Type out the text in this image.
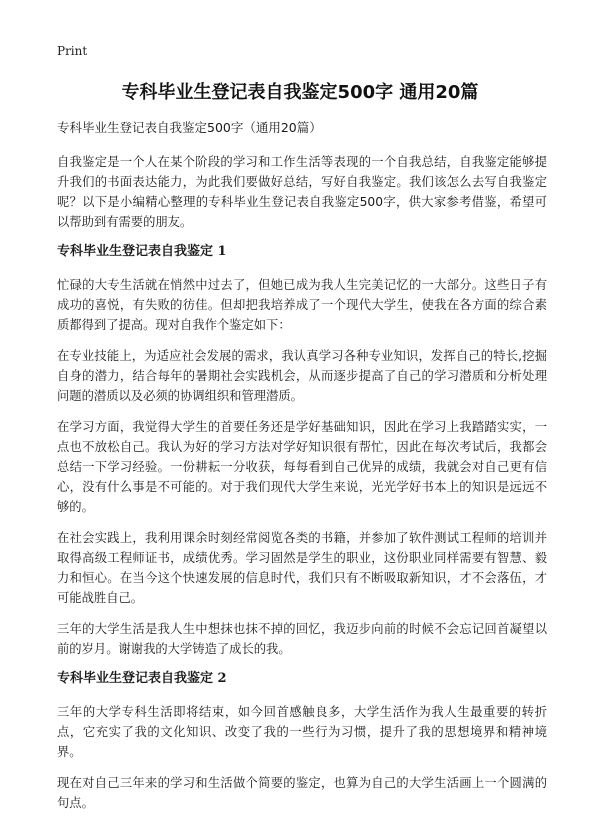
Print
专科毕业生登记表自我鉴定500字 通用20篇

专科毕业生登记表自我鉴定500字（通用20篇）

自我鉴定是一个人在某个阶段的学习和工作生活等表现的一个自我总结，自我鉴定能够提升我们的书面表达能力，为此我们要做好总结，写好自我鉴定。我们该怎么去写自我鉴定呢？以下是小编精心整理的专科毕业生登记表自我鉴定500字，供大家参考借鉴，希望可以帮助到有需要的朋友。

专科毕业生登记表自我鉴定 1

忙碌的大专生活就在悄然中过去了，但她已成为我人生完美记忆的一大部分。这些日子有成功的喜悦，有失败的彷佳。但却把我培养成了一个现代大学生，使我在各方面的综合素质都得到了提高。现对自我作个鉴定如下：

在专业技能上，为适应社会发展的需求，我认真学习各种专业知识，发挥自己的特长,挖掘自身的潜力，结合每年的暑期社会实践机会，从而逐步提高了自己的学习潜质和分析处理问题的潜质以及必须的协调组织和管理潜质。

在学习方面，我觉得大学生的首要任务还是学好基础知识，因此在学习上我踏踏实实，一点也不放松自己。我认为好的学习方法对学好知识很有帮忙，因此在每次考试后，我都会总结一下学习经验。一份耕耘一分收获，每每看到自己优异的成绩，我就会对自己更有信心，没有什么事是不可能的。对于我们现代大学生来说，光光学好书本上的知识是远远不够的。

在社会实践上，我利用课余时刻经常阅览各类的书籍，并参加了软件测试工程师的培训并取得高级工程师证书，成绩优秀。学习固然是学生的职业，这份职业同样需要有智慧、毅力和恒心。在当今这个快速发展的信息时代，我们只有不断吸取新知识，才不会落伍，才可能战胜自己。

三年的大学生活是我人生中想抹也抹不掉的回忆，我迈步向前的时候不会忘记回首凝望以前的岁月。谢谢我的大学铸造了成长的我。

专科毕业生登记表自我鉴定 2

三年的大学专科生活即将结束，如今回首感触良多，大学生活作为我人生最重要的转折点，它充实了我的文化知识、改变了我的一些行为习惯，提升了我的思想境界和精神境界。

现在对自己三年来的学习和生活做个简要的鉴定，也算为自己的大学生活画上一个圆满的句点。
